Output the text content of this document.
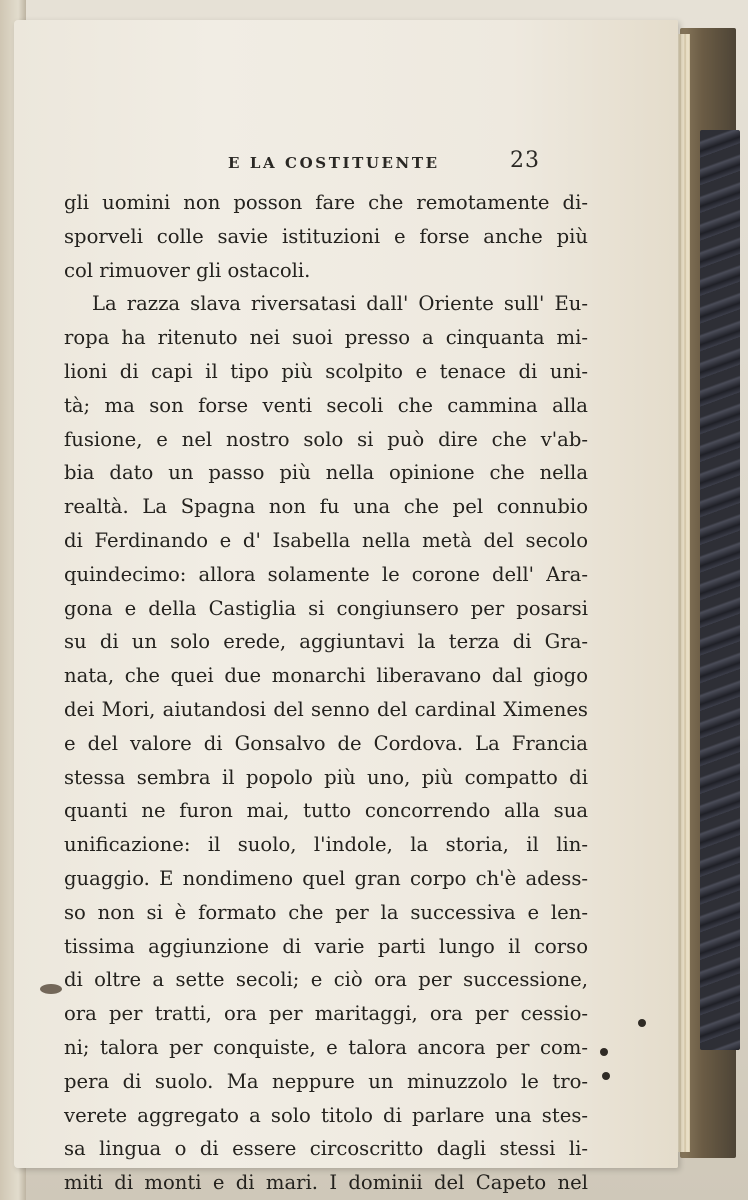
E LA COSTITUENTE	23
gli uomini non posson fare che remotamente di-
sporveli colle savie istituzioni e forse anche più
col rimuover gli ostacoli.
La razza slava riversatasi dall' Oriente sull' Eu-
ropa ha ritenuto nei suoi presso a cinquanta mi-
lioni di capi il tipo più scolpito e tenace di uni-
tà; ma son forse venti secoli che cammina alla
fusione, e nel nostro solo si può dire che v'ab-
bia dato un passo più nella opinione che nella
realtà. La Spagna non fu una che pel connubio
di Ferdinando e d' Isabella nella metà del secolo
quindecimo: allora solamente le corone dell' Ara-
gona e della Castiglia si congiunsero per posarsi
su di un solo erede, aggiuntavi la terza di Gra-
nata, che quei due monarchi liberavano dal giogo
dei Mori, aiutandosi del senno del cardinal Ximenes
e del valore di Gonsalvo de Cordova. La Francia
stessa sembra il popolo più uno, più compatto di
quanti ne furon mai, tutto concorrendo alla sua
unificazione: il suolo, l'indole, la storia, il lin-
guaggio. E nondimeno quel gran corpo ch'è adess-
so non si è formato che per la successiva e len-
tissima aggiunzione di varie parti lungo il corso
di oltre a sette secoli; e ciò ora per successione,
ora per tratti, ora per maritaggi, ora per cessio-
ni; talora per conquiste, e talora ancora per com-
pera di suolo. Ma neppure un minuzzolo le tro-
verete aggregato a solo titolo di parlare una stes-
sa lingua o di essere circoscritto dagli stessi li-
miti di monti e di mari. I dominii del Capeto nel
